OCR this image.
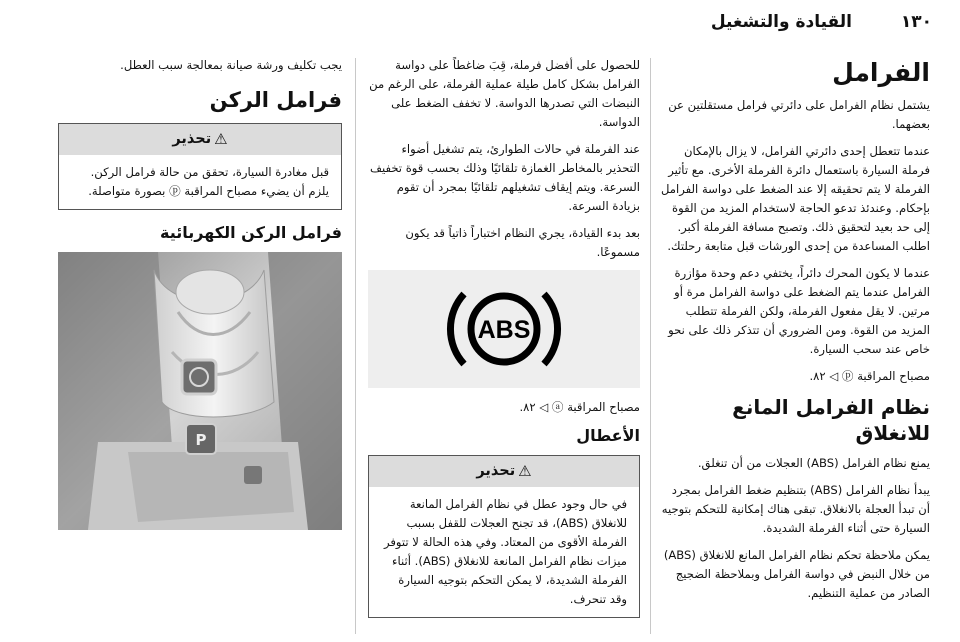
١٣٠
القيادة والتشغيل
الفرامل

يشتمل نظام الفرامل على دائرتي فرامل مستقلتين عن بعضهما.

عندما تتعطل إحدى دائرتي الفرامل، لا يزال بالإمكان فرملة السيارة باستعمال دائرة الفرملة الأخرى. مع تأثير الفرملة لا يتم تحقيقه إلا عند الضغط على دواسة الفرامل بإحكام. وعندئذ تدعو الحاجة لاستخدام المزيد من القوة إلى حد بعيد لتحقيق ذلك. وتصبح مسافة الفرملة أكبر. اطلب المساعدة من إحدى الورشات قبل متابعة رحلتك.

عندما لا يكون المحرك دائراً، يختفي دعم وحدة مؤازرة الفرامل عندما يتم الضغط على دواسة الفرامل مرة أو مرتين. لا يقل مفعول الفرملة، ولكن الفرملة تتطلب المزيد من القوة. ومن الضروري أن تتذكر ذلك على نحو خاص عند سحب السيارة.

مصباح المراقبة ⓟ ◁ ٨٢.

نظام الفرامل المانع للانغلاق

يمنع نظام الفرامل (ABS) العجلات من أن تنغلق.

يبدأ نظام الفرامل (ABS) بتنظيم ضغط الفرامل بمجرد أن تبدأ العجلة بالانغلاق. تبقى هناك إمكانية للتحكم بتوجيه السيارة حتى أثناء الفرملة الشديدة.

يمكن ملاحظة تحكم نظام الفرامل المانع للانغلاق (ABS) من خلال النبض في دواسة الفرامل وبملاحظة الضجيج الصادر من عملية التنظيم.

للحصول على أفضل فرملة، قِبَ ضاغطاً على دواسة الفرامل بشكل كامل طيلة عملية الفرملة، على الرغم من النبضات التي تصدرها الدواسة. لا تخفف الضغط على الدواسة.

عند الفرملة في حالات الطوارئ، يتم تشغيل أضواء التحذير بالمخاطر الغمازة تلقائيًا وذلك بحسب قوة تخفيف السرعة. ويتم إيقاف تشغيلهم تلقائيًا بمجرد أن تقوم بزيادة السرعة.

بعد بدء القيادة، يجري النظام اختباراً ذاتياً قد يكون مسموعًا.

ABS

مصباح المراقبة ⓐ ◁ ٨٢.

الأعطال
⚠
تحذير
في حال وجود عطل في نظام الفرامل المانعة للانغلاق (ABS)، قد تجنح العجلات للقفل بسبب الفرملة الأقوى من المعتاد. وفي هذه الحالة لا تتوفر ميزات نظام الفرامل المانعة للانغلاق (ABS). أثناء الفرملة الشديدة، لا يمكن التحكم بتوجيه السيارة وقد تنحرف.

يجب تكليف ورشة صيانة بمعالجة سبب العطل.

فرامل الركن
⚠
تحذير
قبل مغادرة السيارة، تحقق من حالة فرامل الركن. يلزم أن يضيء مصباح المراقبة ⓟ بصورة متواصلة.
فرامل الركن الكهربائية
P
